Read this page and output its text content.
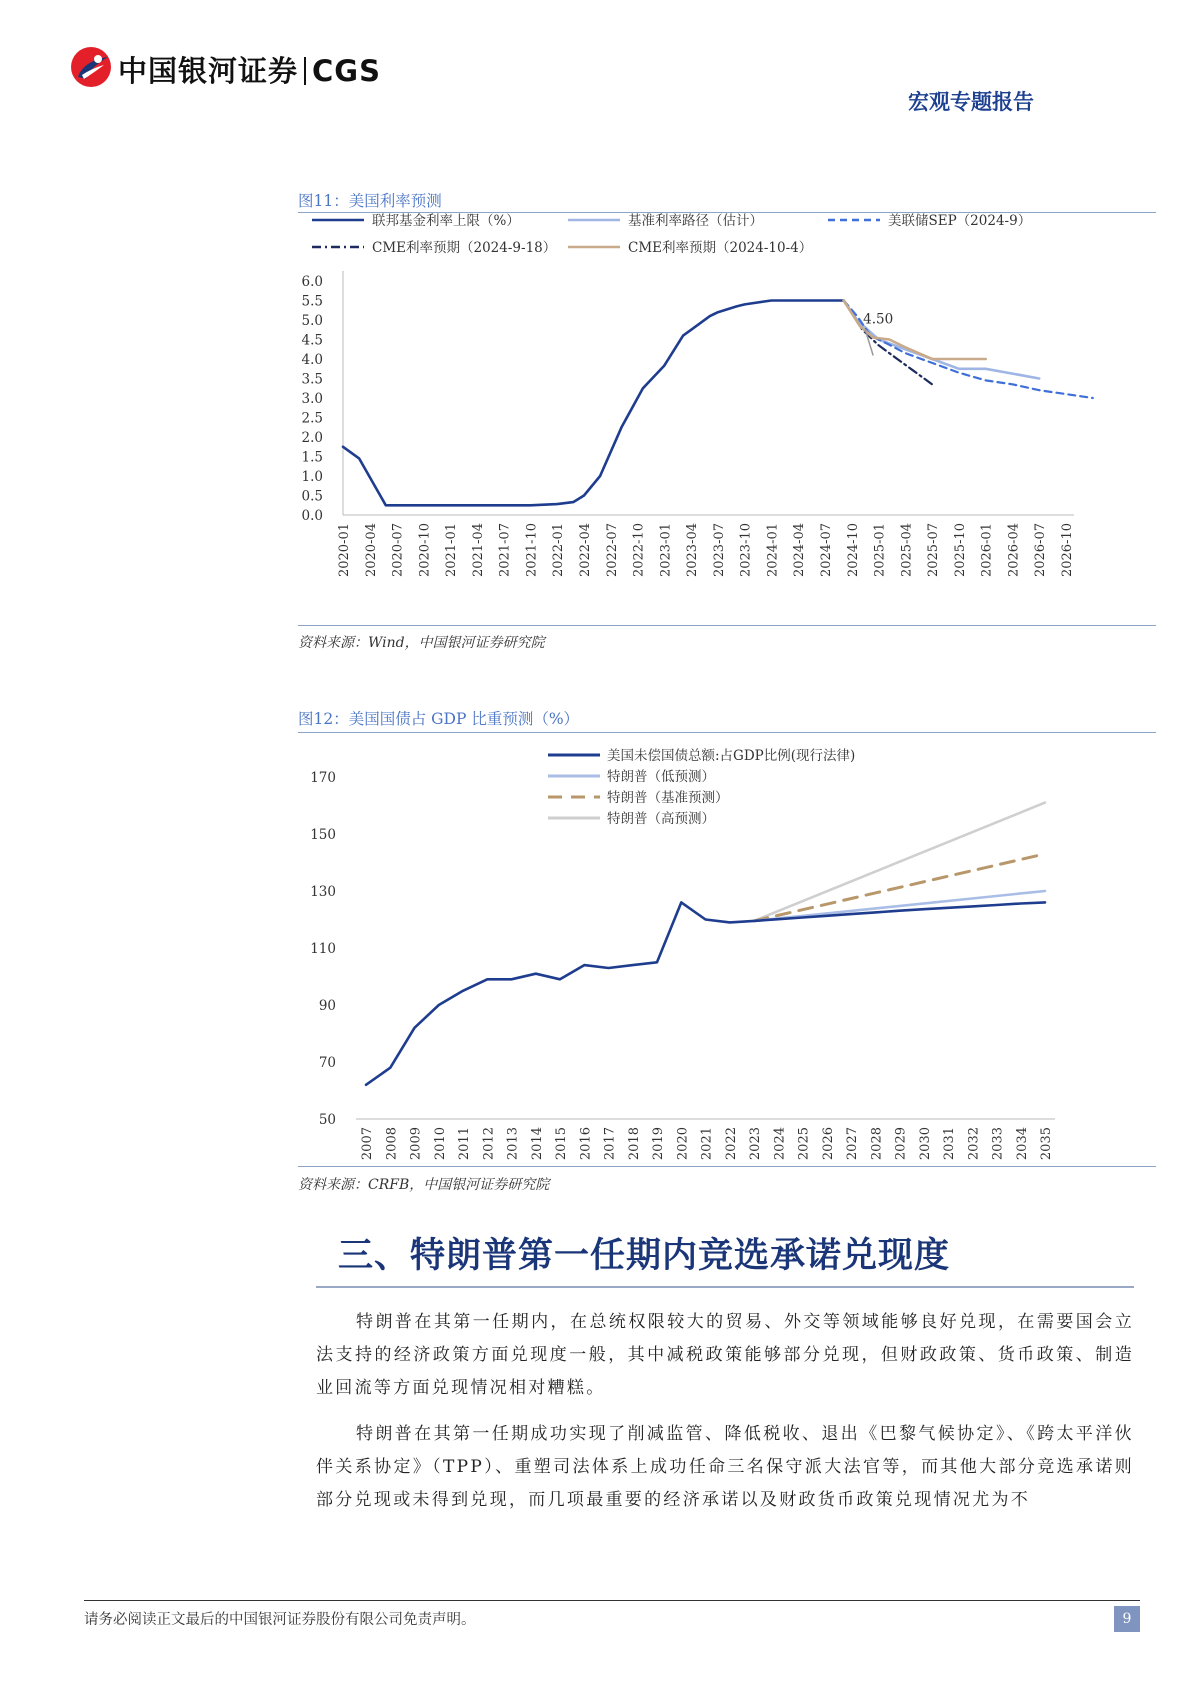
中国银河证券 CGS
宏观专题报告
图11：美国利率预测
联邦基金利率上限（%）	基准利率路径（估计）	美联储SEP（2024-9）
CME利率预期（2024-9-18）	CME利率预期（2024-10-4）
6.0
5.5
5.0
4.5
4.0
3.5
3.0
2.5
2.0
1.5
1.0
0.5
0.0
2020-01 2020-04 2020-07 2020-10 2021-01 2021-04 2021-07 2021-10 2022-01 2022-04 2022-07 2022-10 2023-01 2023-04 2023-07 2023-10 2024-01 2024-04 2024-07 2024-10 2025-01 2025-04 2025-07 2025-10 2026-01 2026-04 2026-07 2026-10
4.50
资料来源：Wind，中国银河证券研究院
图12：美国国债占 GDP 比重预测（%）
美国未偿国债总额:占GDP比例(现行法律)
特朗普（低预测）
特朗普（基准预测）
特朗普（高预测）
170
150
130
110
90
70
50
2007 2008 2009 2010 2011 2012 2013 2014 2015 2016 2017 2018 2019 2020 2021 2022 2023 2024 2025 2026 2027 2028 2029 2030 2031 2032 2033 2034 2035
资料来源：CRFB，中国银河证券研究院
三、特朗普第一任期内竞选承诺兑现度
特朗普在其第一任期内，在总统权限较大的贸易、外交等领域能够良好兑现，在需要国会立法支持的经济政策方面兑现度一般，其中减税政策能够部分兑现，但财政政策、货币政策、制造业回流等方面兑现情况相对糟糕。
特朗普在其第一任期成功实现了削减监管、降低税收、退出《巴黎气候协定》、《跨太平洋伙伴关系协定》（TPP）、重塑司法体系上成功任命三名保守派大法官等，而其他大部分竞选承诺则部分兑现或未得到兑现，而几项最重要的经济承诺以及财政货币政策兑现情况尤为不
请务必阅读正文最后的中国银河证券股份有限公司免责声明。	9
